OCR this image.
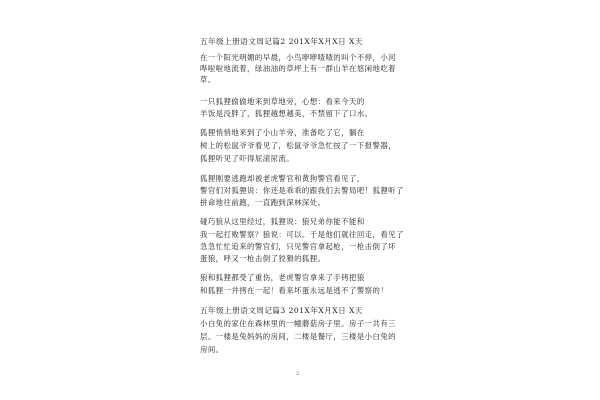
五年级上册语文周记篇2 201X年X月X日 X天
在一个阳光明媚的早晨，小鸟咿咿喳喳的叫个不停，小河
哗啦啦地流着，绿油油的草坪上有一群山羊在悠闲地吃着
草。
一只狐狸偷偷地来到草地旁，心想：看来今天的
羊饭是没胖了，狐狸越想越美，不禁留下了口水。
狐狸悄悄地来到了小山羊旁，准备吃了它，躺在
树上的松鼠爷爷看见了，松鼠爷爷急忙按了一下报警器，
狐狸听见了吓得屁滚尿流。
狐狸刚要逃跑却被老虎警官和黄狗警官看见了，
警官们对狐狸说：你还是乖乖的跟我们去警局吧！狐狸听了
拼命地往前跑，一直跑到深林深处。
碰巧狼从这里经过，狐狸说：狼兄弟你能不能和
我一起打败警察？狼说：可以。于是他们就往回走，看见了
急急忙忙追来的警官们，只见警官拿起枪，一枪击倒了坏
蛋狼，呼又一枪击倒了狡猾的狐狸。
狼和狐狸都受了重伤，老虎警官拿来了手铐把狼
和狐狸一并拷在一起！看来坏蛋永远是逃不了警察的！
五年级上册语文周记篇3 201X年X月X日 X天
小白兔的家住在森林里的一幢蘑菇房子里。房子一共有三
层。一楼是兔妈妈的房间，二楼是餐厅，三楼是小白兔的
房间。
2
